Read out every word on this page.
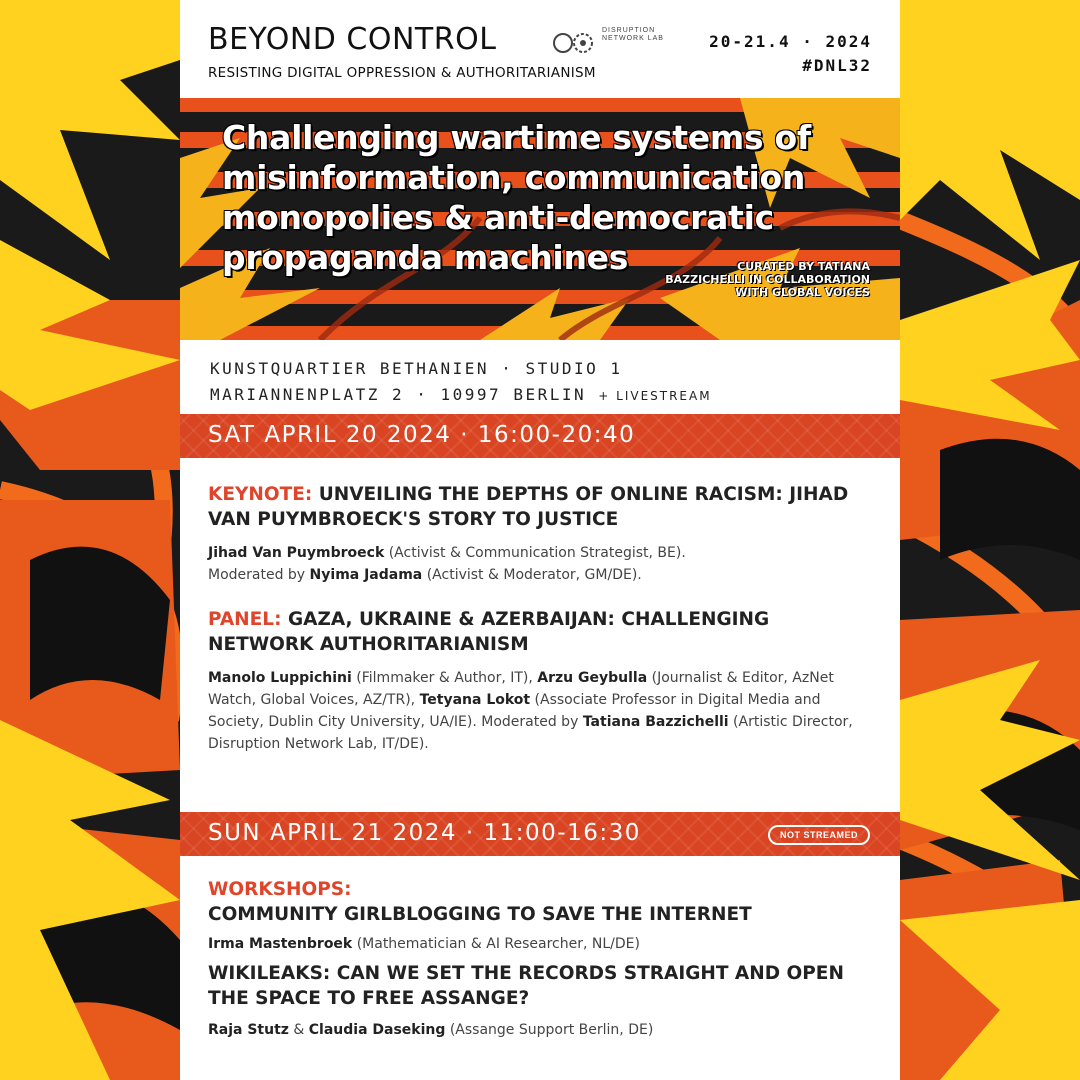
BEYOND CONTROL	DISRUPTION NETWORK LAB	20-21.4 · 2024
#DNL32
RESISTING DIGITAL OPPRESSION & AUTHORITARIANISM
Challenging wartime systems of misinformation, communication monopolies & anti-democratic propaganda machines	CURATED BY TATIANA BAZZICHELLI IN COLLABORATION WITH GLOBAL VOICES
KUNSTQUARTIER BETHANIEN · STUDIO 1
MARIANNENPLATZ 2 · 10997 BERLIN + LIVESTREAM
SAT APRIL 20 2024 · 16:00-20:40
KEYNOTE: UNVEILING THE DEPTHS OF ONLINE RACISM: JIHAD VAN PUYMBROECK'S STORY TO JUSTICE

Jihad Van Puymbroeck (Activist & Communication Strategist, BE).
Moderated by Nyima Jadama (Activist & Moderator, GM/DE).

PANEL: GAZA, UKRAINE & AZERBAIJAN: CHALLENGING NETWORK AUTHORITARIANISM

Manolo Luppichini (Filmmaker & Author, IT), Arzu Geybulla (Journalist & Editor, AzNet Watch, Global Voices, AZ/TR), Tetyana Lokot (Associate Professor in Digital Media and Society, Dublin City University, UA/IE). Moderated by Tatiana Bazzichelli (Artistic Director, Disruption Network Lab, IT/DE).

SUN APRIL 21 2024 · 11:00-16:30	NOT STREAMED
WORKSHOPS:
COMMUNITY GIRLBLOGGING TO SAVE THE INTERNET

Irma Mastenbroek (Mathematician & AI Researcher, NL/DE)

WIKILEAKS: CAN WE SET THE RECORDS STRAIGHT AND OPEN THE SPACE TO FREE ASSANGE?

Raja Stutz & Claudia Daseking (Assange Support Berlin, DE)
